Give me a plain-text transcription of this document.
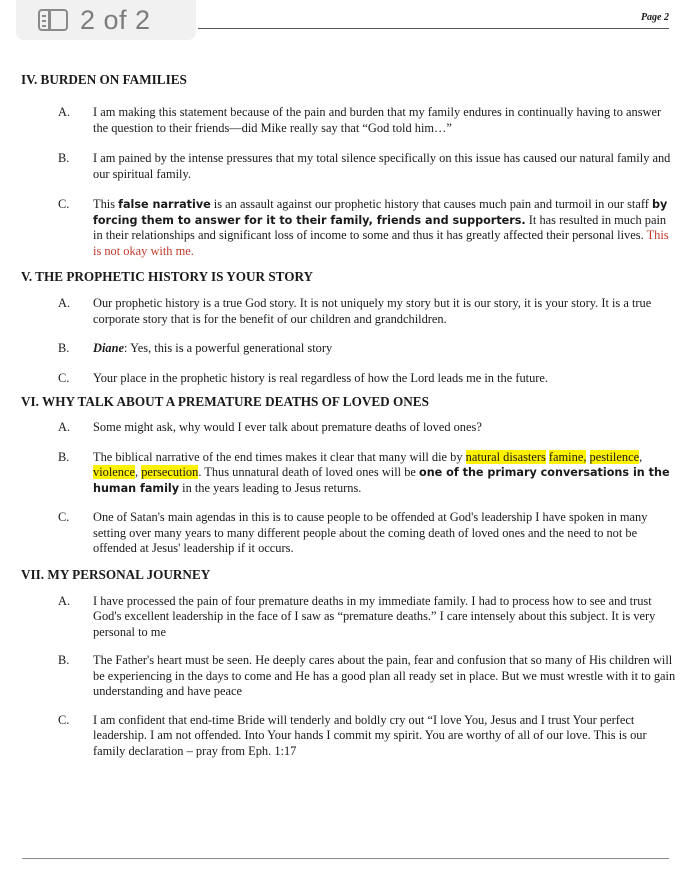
2 of 2	Page 2
IV. BURDEN ON FAMILIES
A.	I am making this statement because of the pain and burden that my family endures in continually having to answer the question to their friends—did Mike really say that “God told him…”
B.	I am pained by the intense pressures that my total silence specifically on this issue has caused our natural family and our spiritual family.
C.	This false narrative is an assault against our prophetic history that causes much pain and turmoil in our staff by forcing them to answer for it to their family, friends and supporters. It has resulted in much pain in their relationships and significant loss of income to some and thus it has greatly affected their personal lives. This is not okay with me.
V. THE PROPHETIC HISTORY IS YOUR STORY
A.	Our prophetic history is a true God story. It is not uniquely my story but it is our story, it is your story. It is a true corporate story that is for the benefit of our children and grandchildren.
B.	Diane: Yes, this is a powerful generational story
C.	Your place in the prophetic history is real regardless of how the Lord leads me in the future.
VI. WHY TALK ABOUT A PREMATURE DEATHS OF LOVED ONES
A.	Some might ask, why would I ever talk about premature deaths of loved ones?
B.	The biblical narrative of the end times makes it clear that many will die by natural disasters famine, pestilence, violence, persecution. Thus unnatural death of loved ones will be one of the primary conversations in the human family in the years leading to Jesus returns.
C.	One of Satan's main agendas in this is to cause people to be offended at God's leadership I have spoken in many setting over many years to many different people about the coming death of loved ones and the need to not be offended at Jesus' leadership if it occurs.
VII. MY PERSONAL JOURNEY
A.	I have processed the pain of four premature deaths in my immediate family. I had to process how to see and trust God's excellent leadership in the face of I saw as “premature deaths.” I care intensely about this subject. It is very personal to me
B.	The Father's heart must be seen. He deeply cares about the pain, fear and confusion that so many of His children will be experiencing in the days to come and He has a good plan all ready set in place. But we must wrestle with it to gain understanding and have peace
C.	I am confident that end-time Bride will tenderly and boldly cry out “I love You, Jesus and I trust Your perfect leadership. I am not offended. Into Your hands I commit my spirit. You are worthy of all of our love. This is our family declaration – pray from Eph. 1:17
